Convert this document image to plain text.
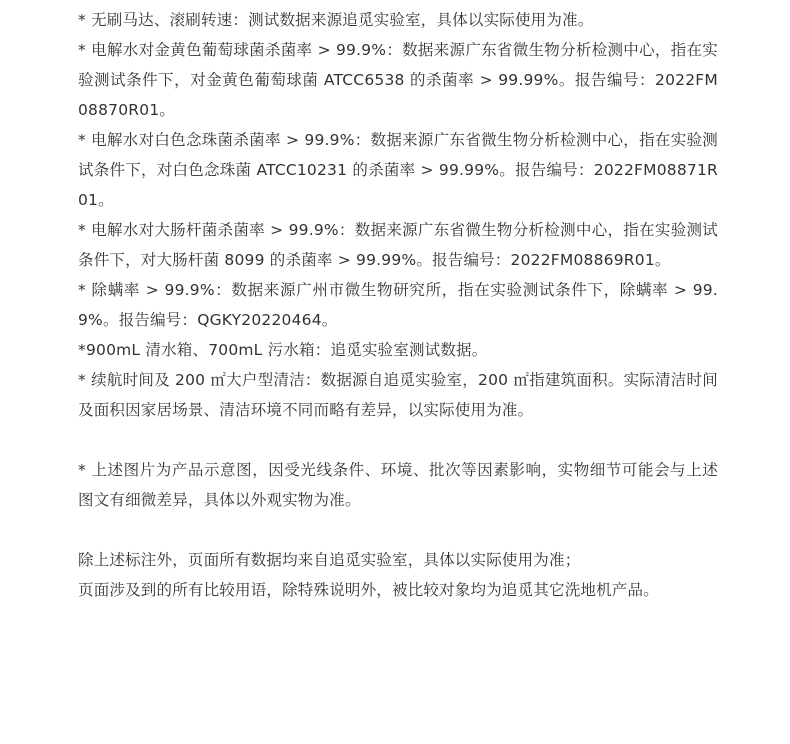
* 无刷马达、滚刷转速：测试数据来源追觅实验室，具体以实际使用为准。

* 电解水对金黄色葡萄球菌杀菌率 > 99.9%：数据来源广东省微生物分析检测中心，指在实验测试条件下，对金黄色葡萄球菌 ATCC6538 的杀菌率 > 99.99%。报告编号：2022FM08870R01。

* 电解水对白色念珠菌杀菌率 > 99.9%：数据来源广东省微生物分析检测中心，指在实验测试条件下，对白色念珠菌 ATCC10231 的杀菌率 > 99.99%。报告编号：2022FM08871R01。

* 电解水对大肠杆菌杀菌率 > 99.9%：数据来源广东省微生物分析检测中心，指在实验测试条件下，对大肠杆菌 8099 的杀菌率 > 99.99%。报告编号：2022FM08869R01。

* 除螨率 > 99.9%：数据来源广州市微生物研究所，指在实验测试条件下，除螨率 > 99.9%。报告编号：QGKY20220464。

*900mL 清水箱、700mL 污水箱：追觅实验室测试数据。

* 续航时间及 200 ㎡大户型清洁：数据源自追觅实验室，200 ㎡指建筑面积。实际清洁时间及面积因家居场景、清洁环境不同而略有差异，以实际使用为准。

* 上述图片为产品示意图，因受光线条件、环境、批次等因素影响，实物细节可能会与上述图文有细微差异，具体以外观实物为准。

除上述标注外，页面所有数据均来自追觅实验室，具体以实际使用为准；

页面涉及到的所有比较用语，除特殊说明外，被比较对象均为追觅其它洗地机产品。
